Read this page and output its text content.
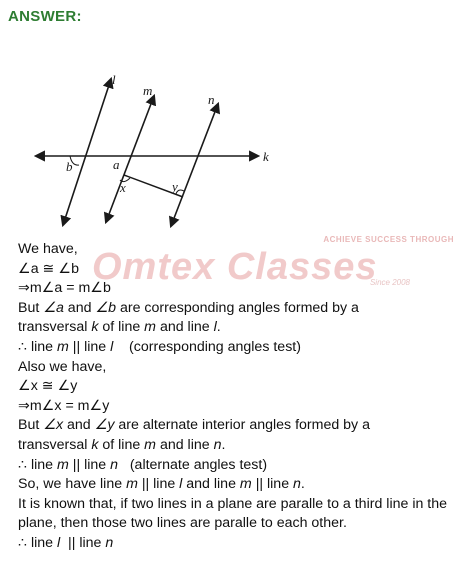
ANSWER:
l
m
n
k
b	a
x	y
ACHIEVE SUCCESS THROUGH
Omtex Classes
Since 2008
We have,
∠a ≅ ∠b
⇒m∠a = m∠b
But ∠a and ∠b are corresponding angles formed by a
transversal k of line m and line l.
∴ line m || line l    (corresponding angles test)
Also we have,
∠x ≅ ∠y
⇒m∠x = m∠y
But ∠x and ∠y are alternate interior angles formed by a
transversal k of line m and line n.
∴ line m || line n   (alternate angles test)
So, we have line m || line l and line m || line n.
It is known that, if two lines in a plane are paralle to a third line in the plane, then those two lines are paralle to each other.
∴ line l  || line n
